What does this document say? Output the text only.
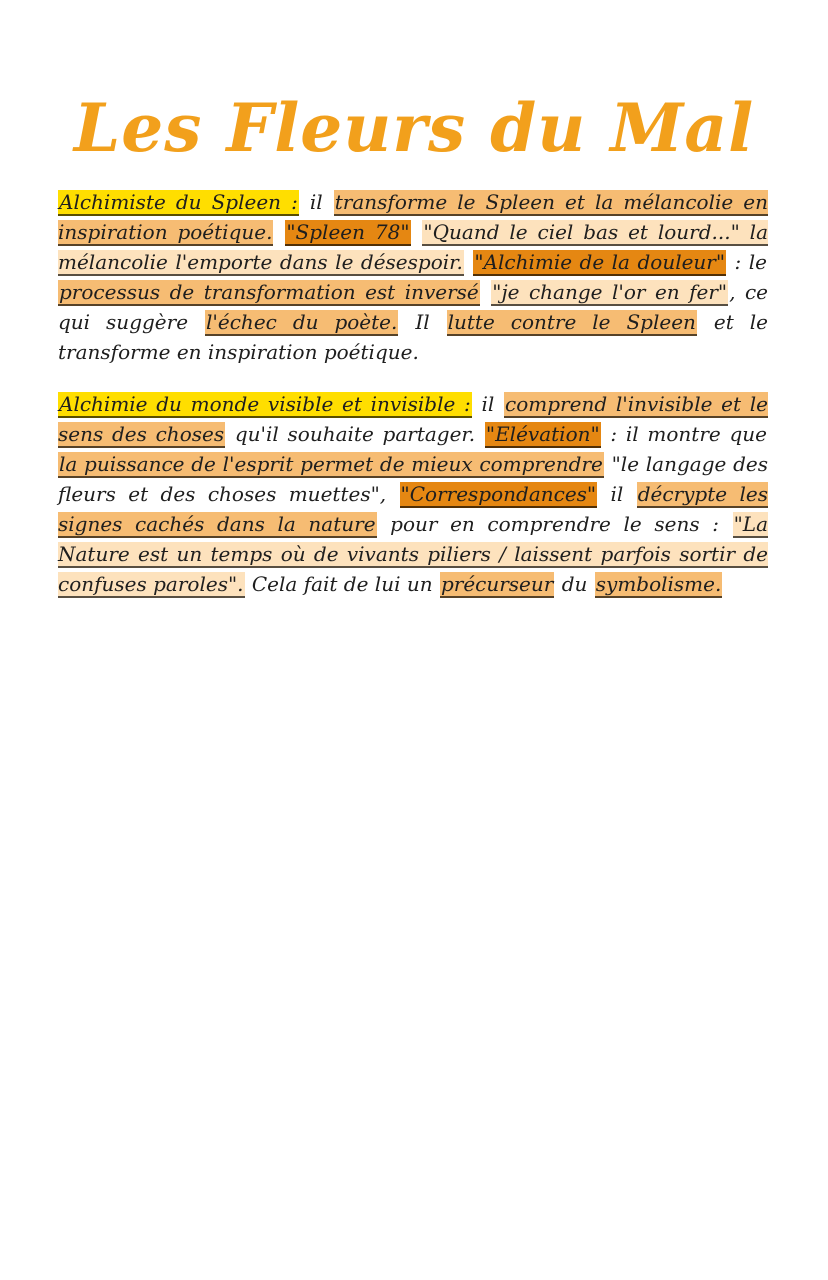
Les Fleurs du Mal

Alchimiste du Spleen : il transforme le Spleen et la mélancolie en inspiration poétique. "Spleen 78" "Quand le ciel bas et lourd..." la mélancolie l'emporte dans le désespoir. "Alchimie de la douleur" : le processus de transformation est inversé "je change l'or en fer" , ce qui suggère l'échec du poète. Il lutte contre le Spleen et le transforme en inspiration poétique.

Alchimie du monde visible et invisible : il comprend l'invisible et le sens des choses qu'il souhaite partager. "Elévation" : il montre que la puissance de l'esprit permet de mieux comprendre "le langage des fleurs et des choses muettes", "Correspondances" il décrypte les signes cachés dans la nature pour en comprendre le sens : "La Nature est un temps où de vivants piliers / laissent parfois sortir de confuses paroles". Cela fait de lui un précurseur du symbolisme.
